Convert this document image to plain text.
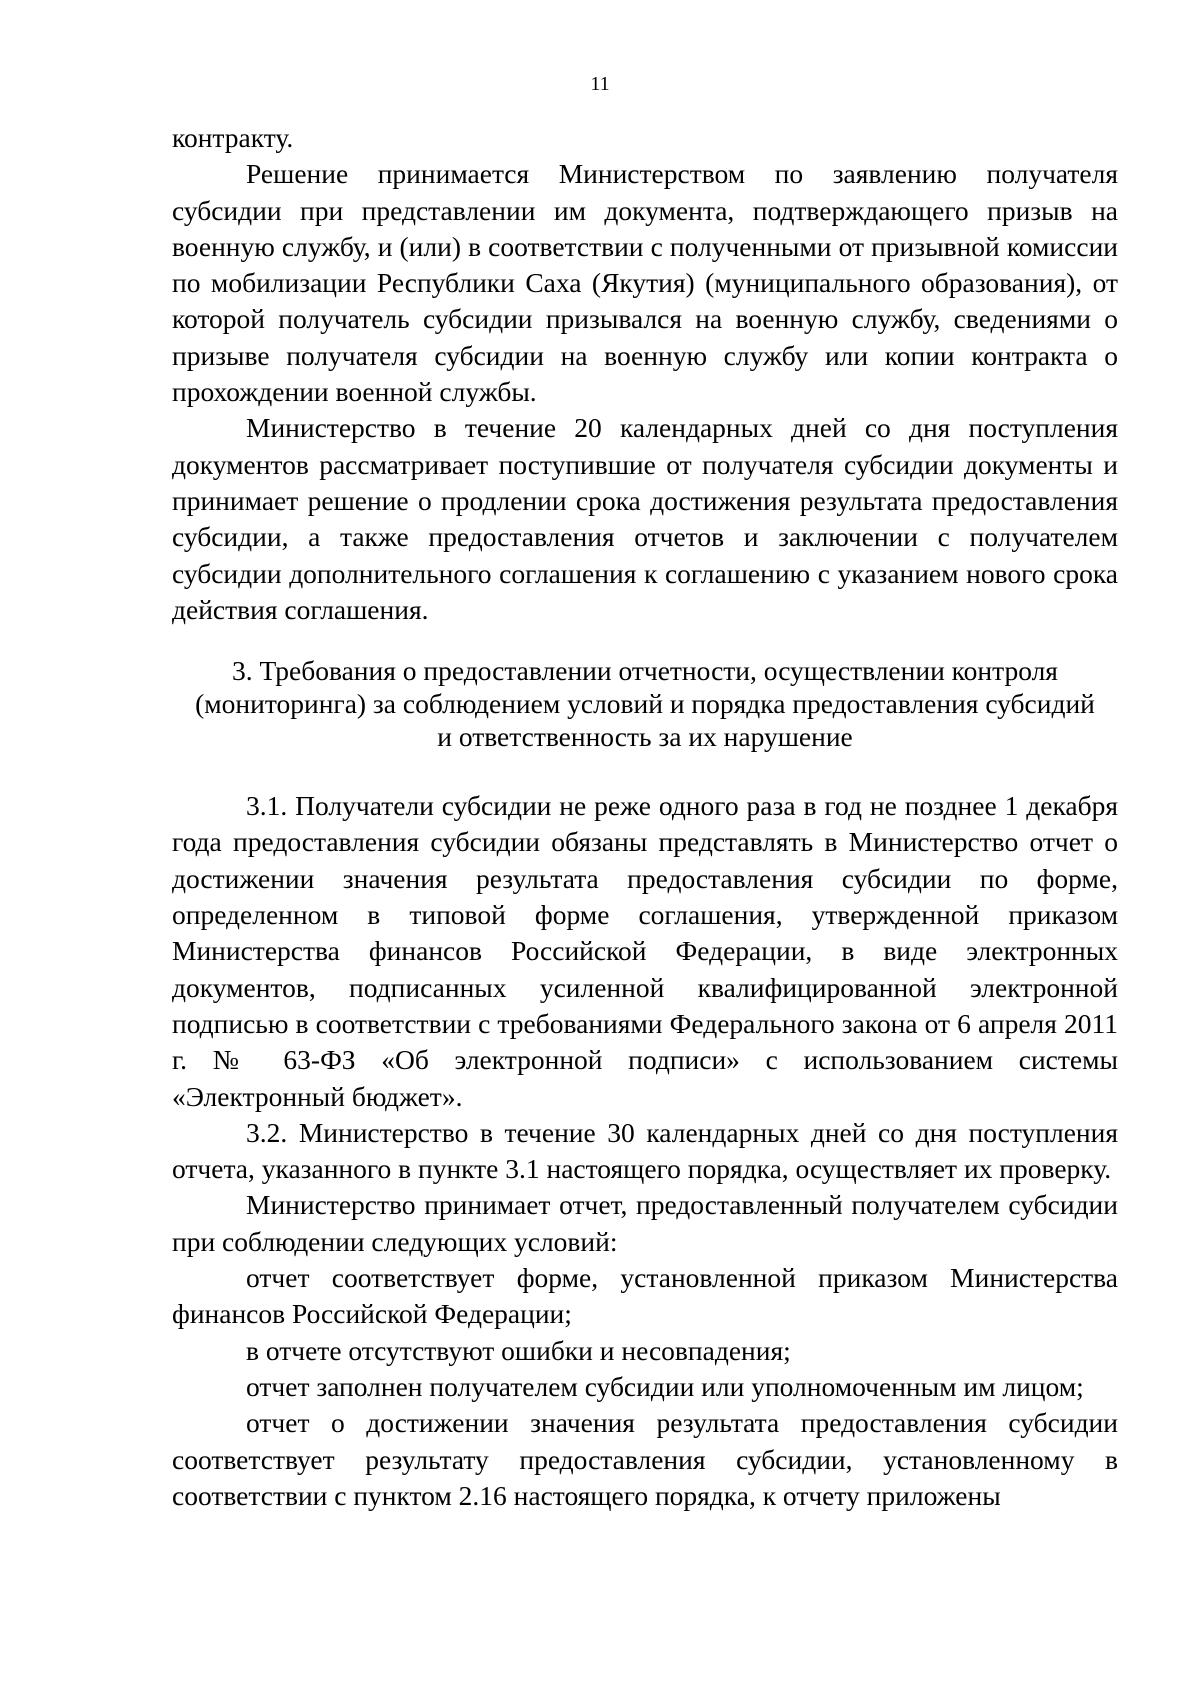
11

контракту.

Решение принимается Министерством по заявлению получателя субсидии при представлении им документа, подтверждающего призыв на военную службу, и (или) в соответствии с полученными от призывной комиссии по мобилизации Республики Саха (Якутия) (муниципального образования), от которой получатель субсидии призывался на военную службу, сведениями о призыве получателя субсидии на военную службу или копии контракта о прохождении военной службы.

Министерство в течение 20 календарных дней со дня поступления документов рассматривает поступившие от получателя субсидии документы и принимает решение о продлении срока достижения результата предоставления субсидии, а также предоставления отчетов и заключении с получателем субсидии дополнительного соглашения к соглашению с указанием нового срока действия соглашения.

3. Требования о предоставлении отчетности, осуществлении контроля
(мониторинга) за соблюдением условий и порядка предоставления субсидий
и ответственность за их нарушение

3.1. Получатели субсидии не реже одного раза в год не позднее 1 декабря года предоставления субсидии обязаны представлять в Министерство отчет о достижении значения результата предоставления субсидии по форме, определенном в типовой форме соглашения, утвержденной приказом Министерства финансов Российской Федерации, в виде электронных документов, подписанных усиленной квалифицированной электронной подписью в соответствии с требованиями Федерального закона от 6 апреля 2011 г. № 63-ФЗ «Об электронной подписи» с использованием системы «Электронный бюджет».

3.2. Министерство в течение 30 календарных дней со дня поступления отчета, указанного в пункте 3.1 настоящего порядка, осуществляет их проверку.

Министерство принимает отчет, предоставленный получателем субсидии при соблюдении следующих условий:

отчет соответствует форме, установленной приказом Министерства финансов Российской Федерации;

в отчете отсутствуют ошибки и несовпадения;

отчет заполнен получателем субсидии или уполномоченным им лицом;

отчет о достижении значения результата предоставления субсидии соответствует результату предоставления субсидии, установленному в соответствии с пунктом 2.16 настоящего порядка, к отчету приложены
